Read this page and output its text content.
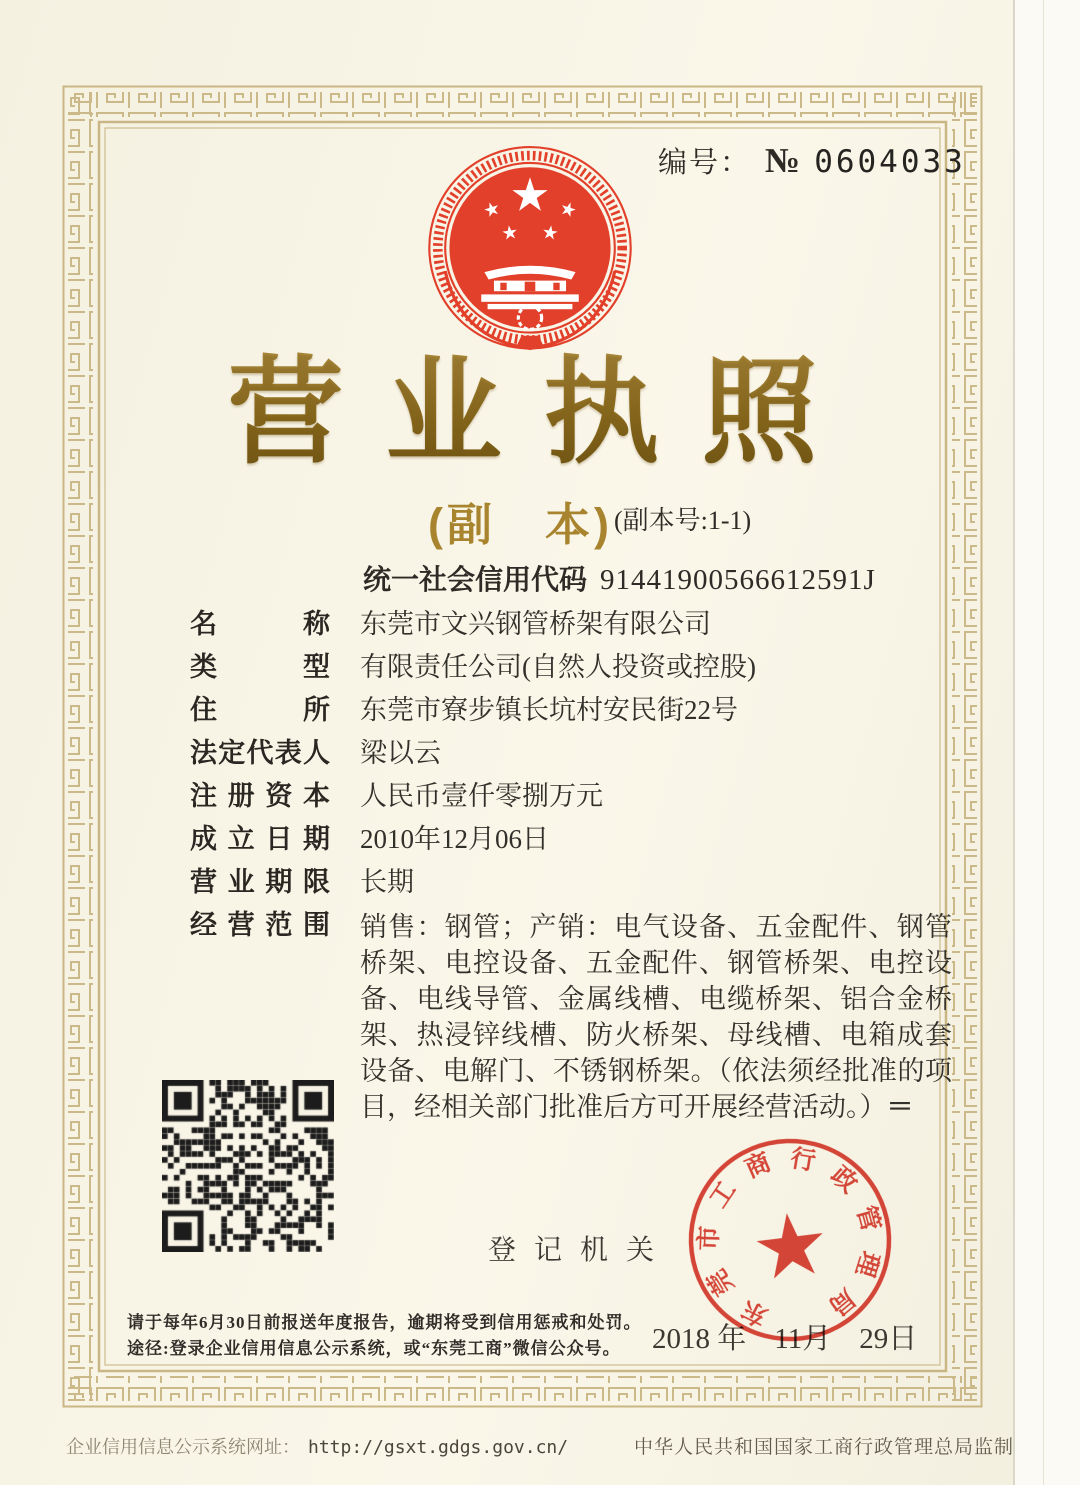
编号： № 0604033
营业执照
(副　本) (副本号:1-1)
统一社会信用代码 91441900566612591J
名称 东莞市文兴钢管桥架有限公司
类型 有限责任公司(自然人投资或控股)
住所 东莞市寮步镇长坑村安民街22号
法定代表人 梁以云
注册资本 人民币壹仟零捌万元
成立日期 2010年12月06日
营业期限 长期
经营范围 销售：钢管；产销：电气设备、五金配件、钢管桥架、电控设备、五金配件、钢管桥架、电控设备、电线导管、金属线槽、电缆桥架、铝合金桥架、热浸锌线槽、防火桥架、母线槽、电箱成套设备、电解门、不锈钢桥架。（依法须经批准的项目，经相关部门批准后方可开展经营活动。）＝
登记机关
2018 年 11月 29日
东
莞
市
工
商 行
政
管
理
局
请于每年6月30日前报送年度报告，逾期将受到信用惩戒和处罚。
途径:登录企业信用信息公示系统，或“东莞工商”微信公众号。
企业信用信息公示系统网址： http://gsxt.gdgs.gov.cn/	中华人民共和国国家工商行政管理总局监制
